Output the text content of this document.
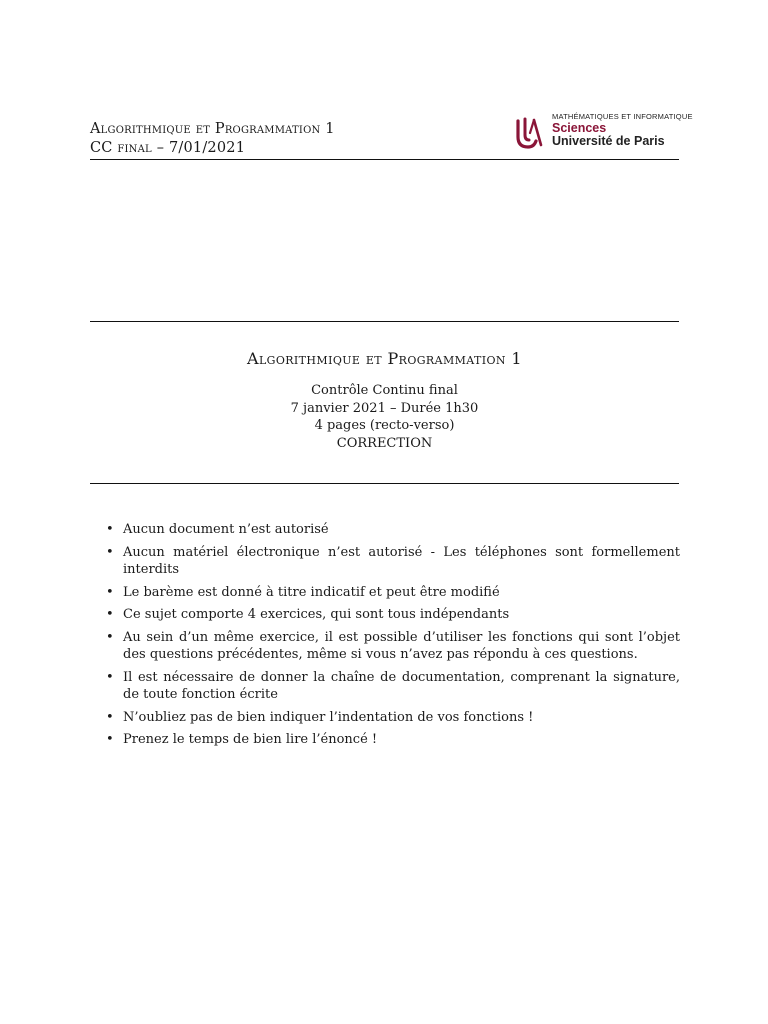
Algorithmique et Programmation 1
CC final – 7/01/2021
MATHÉMATIQUES ET INFORMATIQUE
Sciences
Université de Paris
Algorithmique et Programmation 1
Contrôle Continu final
7 janvier 2021 – Durée 1h30
4 pages (recto-verso)
CORRECTION
• Aucun document n’est autorisé
• Aucun matériel électronique n’est autorisé - Les téléphones sont formellement interdits
• Le barème est donné à titre indicatif et peut être modifié
• Ce sujet comporte 4 exercices, qui sont tous indépendants
• Au sein d’un même exercice, il est possible d’utiliser les fonctions qui sont l’objet des questions précédentes, même si vous n’avez pas répondu à ces questions.
• Il est nécessaire de donner la chaîne de documentation, comprenant la signature, de toute fonction écrite
• N’oubliez pas de bien indiquer l’indentation de vos fonctions !
• Prenez le temps de bien lire l’énoncé !
